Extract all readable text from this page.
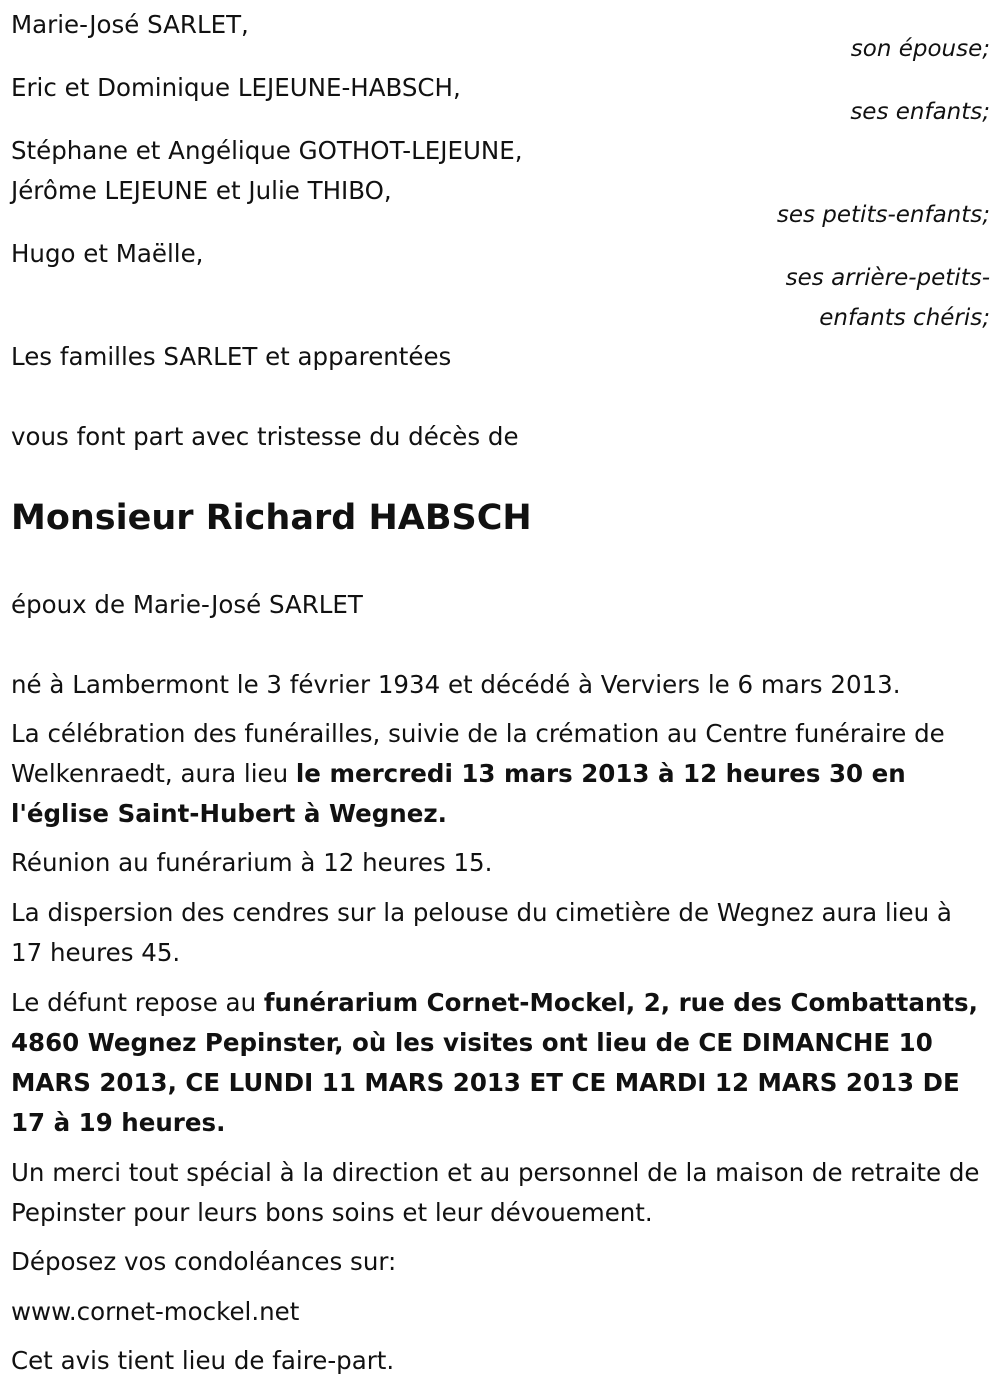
Marie-José SARLET,
son épouse;
Eric et Dominique LEJEUNE-HABSCH,
ses enfants;
Stéphane et Angélique GOTHOT-LEJEUNE,
Jérôme LEJEUNE et Julie THIBO,
ses petits-enfants;
Hugo et Maëlle,
ses arrière-petits-
enfants chéris;
Les familles SARLET et apparentées
vous font part avec tristesse du décès de
Monsieur Richard HABSCH
époux de Marie-José SARLET
né à Lambermont le 3 février 1934 et décédé à Verviers le 6 mars 2013.
La célébration des funérailles, suivie de la crémation au Centre funéraire de Welkenraedt, aura lieu le mercredi 13 mars 2013 à 12 heures 30 en l'église Saint-Hubert à Wegnez.
Réunion au funérarium à 12 heures 15.
La dispersion des cendres sur la pelouse du cimetière de Wegnez aura lieu à 17 heures 45.
Le défunt repose au funérarium Cornet-Mockel, 2, rue des Combattants, 4860 Wegnez Pepinster, où les visites ont lieu de CE DIMANCHE 10 MARS 2013, CE LUNDI 11 MARS 2013 ET CE MARDI 12 MARS 2013 DE 17 à 19 heures.
Un merci tout spécial à la direction et au personnel de la maison de retraite de Pepinster pour leurs bons soins et leur dévouement.
Déposez vos condoléances sur:
www.cornet-mockel.net
Cet avis tient lieu de faire-part.
